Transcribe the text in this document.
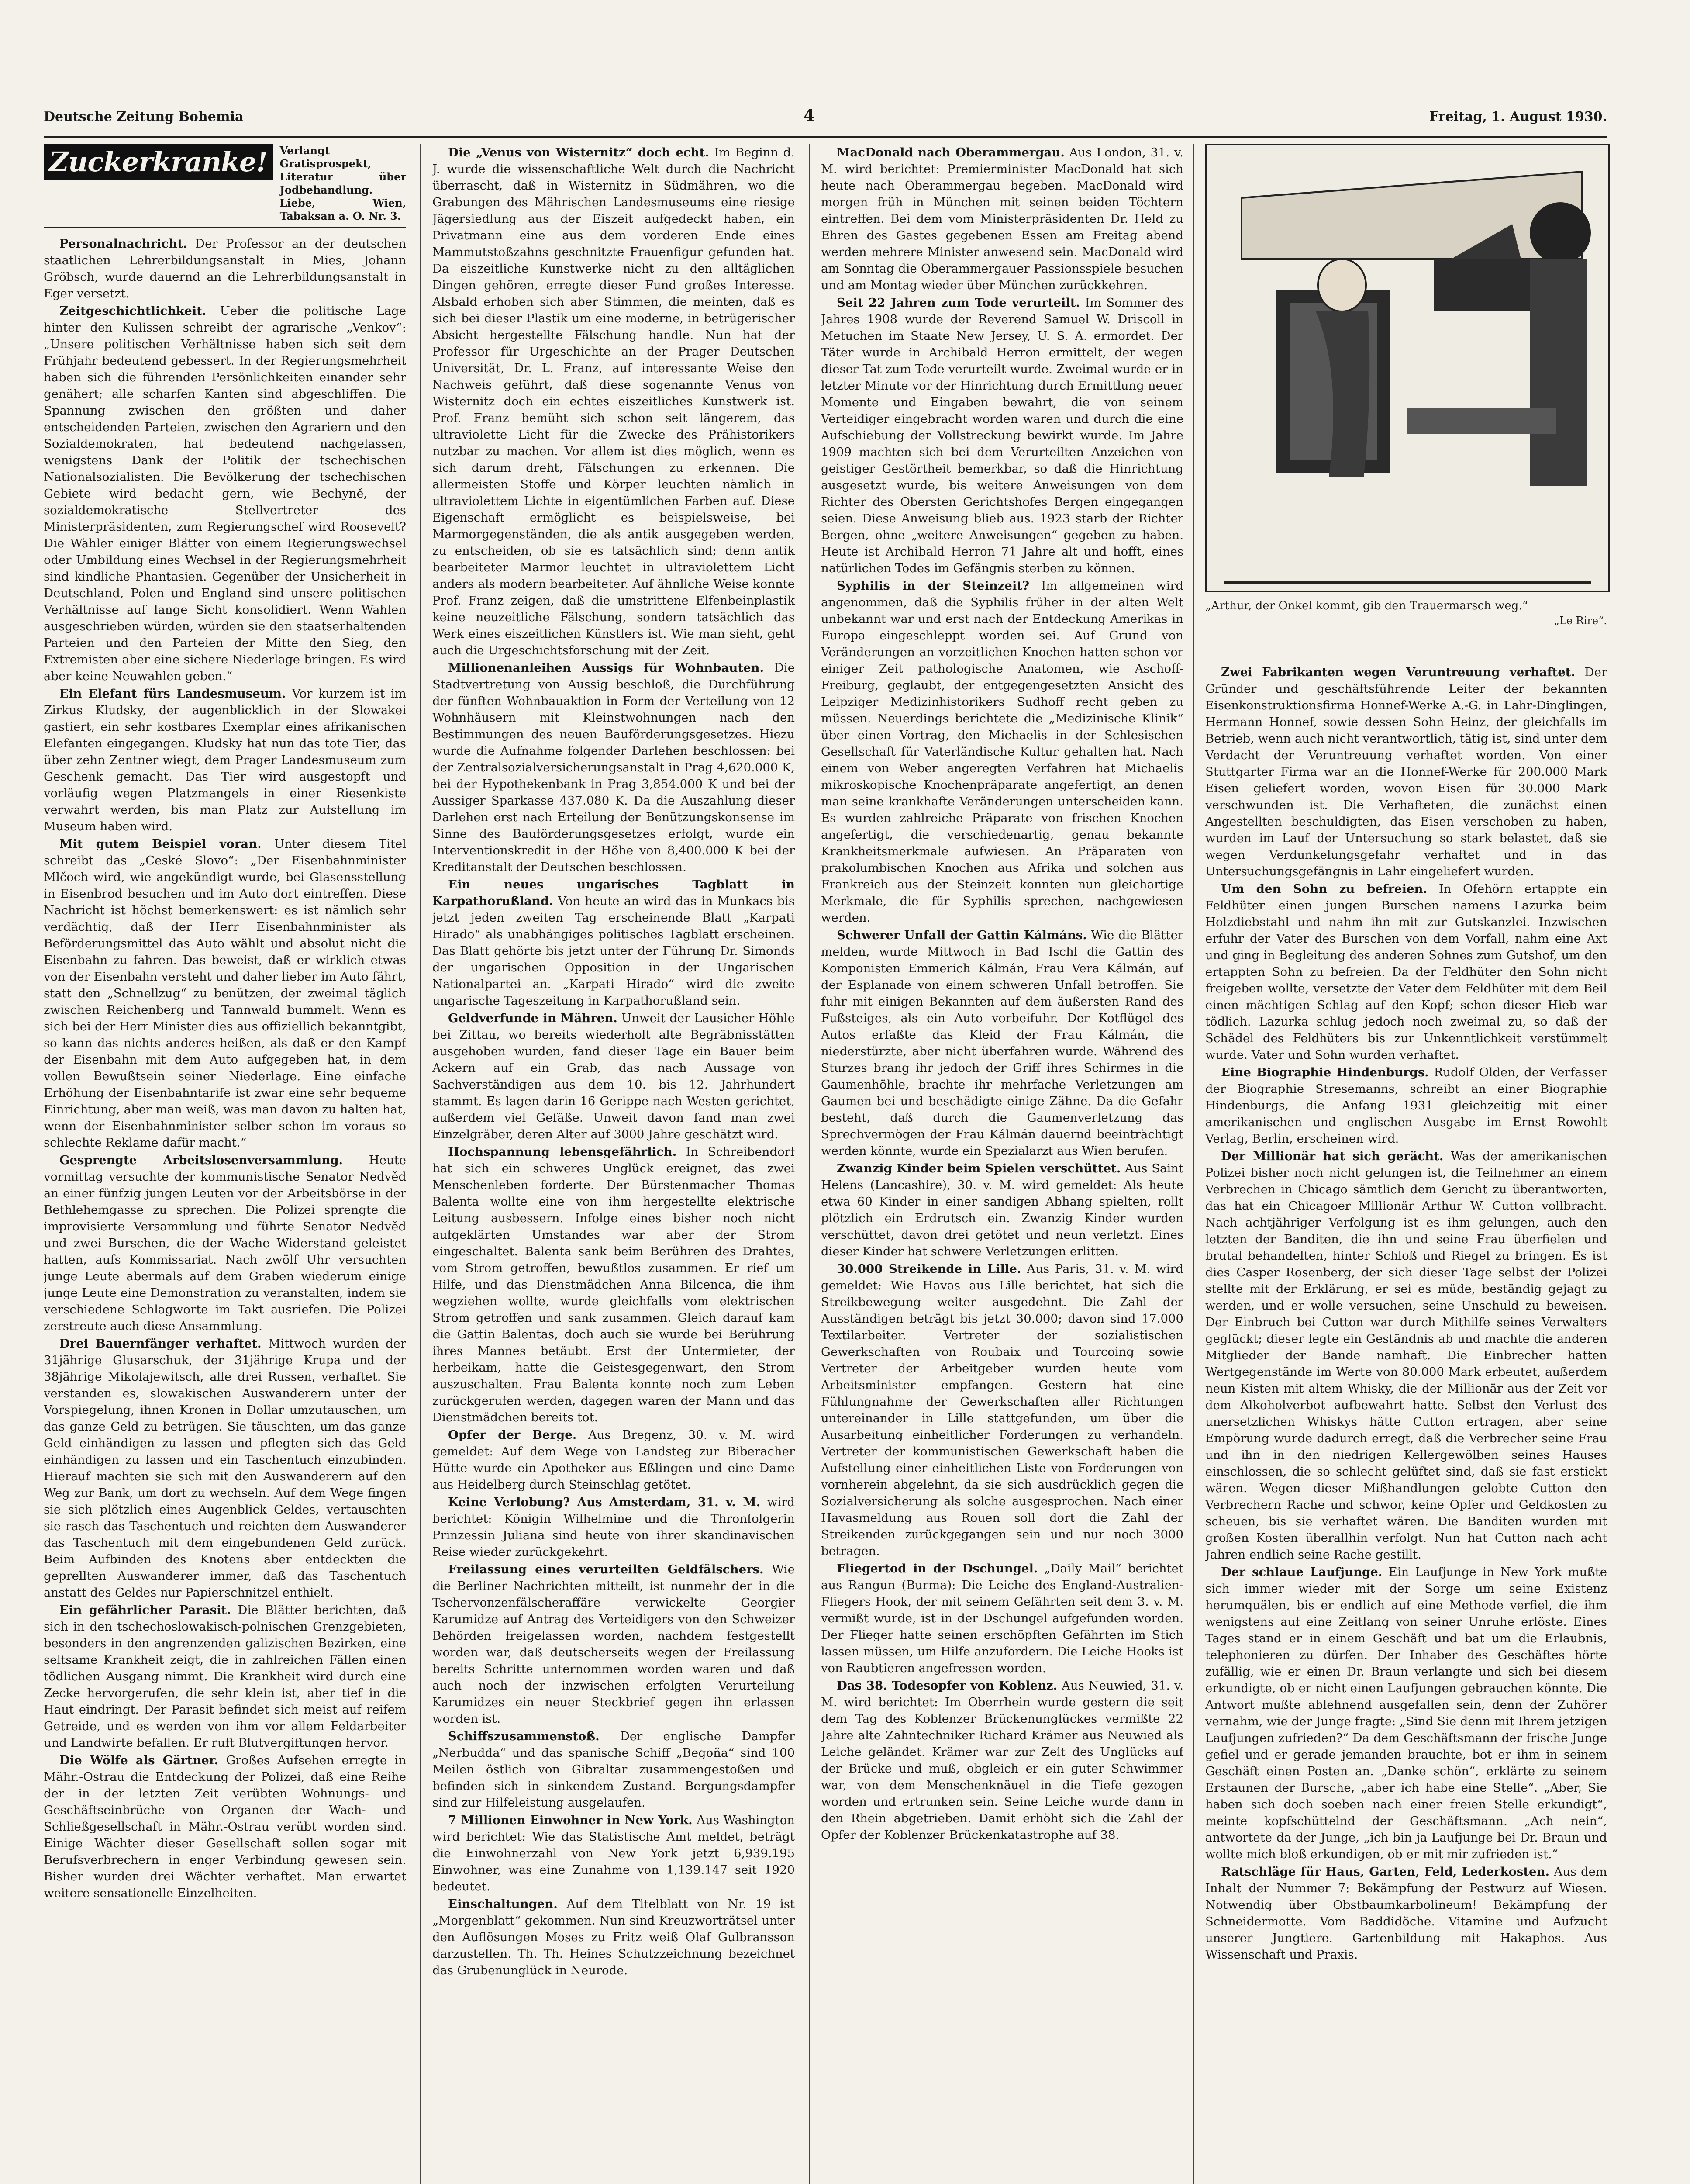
Deutsche Zeitung Bohemia	4	Freitag, 1. August 1930.
Zuckerkranke!	Verlangt Gratisprospekt, Literatur über Jodbehandlung. Liebe, Wien, Tabaksan a. O. Nr. 3.

Personalnachricht. Der Professor an der deutschen staatlichen Lehrerbildungsanstalt in Mies, Johann Gröbsch, wurde dauernd an die Lehrerbildungsanstalt in Eger versetzt.

Zeitgeschichtlichkeit. Ueber die politische Lage hinter den Kulissen schreibt der agrarische „Venkov“: „Unsere politischen Verhältnisse haben sich seit dem Frühjahr bedeutend gebessert. In der Regierungsmehrheit haben sich die führenden Persönlichkeiten einander sehr genähert; alle scharfen Kanten sind abgeschliffen. Die Spannung zwischen den größten und daher entscheidenden Parteien, zwischen den Agrariern und den Sozialdemokraten, hat bedeutend nachgelassen, wenigstens Dank der Politik der tschechischen Nationalsozialisten. Die Bevölkerung der tschechischen Gebiete wird bedacht gern, wie Bechyně, der sozialdemokratische Stellvertreter des Ministerpräsidenten, zum Regierungschef wird Roosevelt? Die Wähler einiger Blätter von einem Regierungswechsel oder Umbildung eines Wechsel in der Regierungsmehrheit sind kindliche Phantasien. Gegenüber der Unsicherheit in Deutschland, Polen und England sind unsere politischen Verhältnisse auf lange Sicht konsolidiert. Wenn Wahlen ausgeschrieben würden, würden sie den staatserhaltenden Parteien und den Parteien der Mitte den Sieg, den Extremisten aber eine sichere Niederlage bringen. Es wird aber keine Neuwahlen geben.“

Ein Elefant fürs Landesmuseum. Vor kurzem ist im Zirkus Kludsky, der augenblicklich in der Slowakei gastiert, ein sehr kostbares Exemplar eines afrikanischen Elefanten eingegangen. Kludsky hat nun das tote Tier, das über zehn Zentner wiegt, dem Prager Landesmuseum zum Geschenk gemacht. Das Tier wird ausgestopft und vorläufig wegen Platzmangels in einer Riesenkiste verwahrt werden, bis man Platz zur Aufstellung im Museum haben wird.

Mit gutem Beispiel voran. Unter diesem Titel schreibt das „Ceské Slovo“: „Der Eisenbahnminister Mlčoch wird, wie angekündigt wurde, bei Glasensstellung in Eisenbrod besuchen und im Auto dort eintreffen. Diese Nachricht ist höchst bemerkenswert: es ist nämlich sehr verdächtig, daß der Herr Eisenbahnminister als Beförderungsmittel das Auto wählt und absolut nicht die Eisenbahn zu fahren. Das beweist, daß er wirklich etwas von der Eisenbahn versteht und daher lieber im Auto fährt, statt den „Schnellzug“ zu benützen, der zweimal täglich zwischen Reichenberg und Tannwald bummelt. Wenn es sich bei der Herr Minister dies aus offiziellich bekanntgibt, so kann das nichts anderes heißen, als daß er den Kampf der Eisenbahn mit dem Auto aufgegeben hat, in dem vollen Bewußtsein seiner Niederlage. Eine einfache Erhöhung der Eisenbahntarife ist zwar eine sehr bequeme Einrichtung, aber man weiß, was man davon zu halten hat, wenn der Eisenbahnminister selber schon im voraus so schlechte Reklame dafür macht.“

Gesprengte Arbeitslosenversammlung. Heute vormittag versuchte der kommunistische Senator Nedvěd an einer fünfzig jungen Leuten vor der Arbeitsbörse in der Bethlehemgasse zu sprechen. Die Polizei sprengte die improvisierte Versammlung und führte Senator Nedvěd und zwei Burschen, die der Wache Widerstand geleistet hatten, aufs Kommissariat. Nach zwölf Uhr versuchten junge Leute abermals auf dem Graben wiederum einige junge Leute eine Demonstration zu veranstalten, indem sie verschiedene Schlagworte im Takt ausriefen. Die Polizei zerstreute auch diese Ansammlung.

Drei Bauernfänger verhaftet. Mittwoch wurden der 31jährige Glusarschuk, der 31jährige Krupa und der 38jährige Mikolajewitsch, alle drei Russen, verhaftet. Sie verstanden es, slowakischen Auswanderern unter der Vorspiegelung, ihnen Kronen in Dollar umzutauschen, um das ganze Geld zu betrügen. Sie täuschten, um das ganze Geld einhändigen zu lassen und pflegten sich das Geld einhändigen zu lassen und ein Taschentuch einzubinden. Hierauf machten sie sich mit den Auswanderern auf den Weg zur Bank, um dort zu wechseln. Auf dem Wege fingen sie sich plötzlich eines Augenblick Geldes, vertauschten sie rasch das Taschentuch und reichten dem Auswanderer das Taschentuch mit dem eingebundenen Geld zurück. Beim Aufbinden des Knotens aber entdeckten die geprellten Auswanderer immer, daß das Taschentuch anstatt des Geldes nur Papierschnitzel enthielt.

Ein gefährlicher Parasit. Die Blätter berichten, daß sich in den tschechoslowakisch-polnischen Grenzgebieten, besonders in den angrenzenden galizischen Bezirken, eine seltsame Krankheit zeigt, die in zahlreichen Fällen einen tödlichen Ausgang nimmt. Die Krankheit wird durch eine Zecke hervorgerufen, die sehr klein ist, aber tief in die Haut eindringt. Der Parasit befindet sich meist auf reifem Getreide, und es werden von ihm vor allem Feldarbeiter und Landwirte befallen. Er ruft Blutvergiftungen hervor.

Die Wölfe als Gärtner. Großes Aufsehen erregte in Mähr.-Ostrau die Entdeckung der Polizei, daß eine Reihe der in der letzten Zeit verübten Wohnungs- und Geschäftseinbrüche von Organen der Wach- und Schließgesellschaft in Mähr.-Ostrau verübt worden sind. Einige Wächter dieser Gesellschaft sollen sogar mit Berufsverbrechern in enger Verbindung gewesen sein. Bisher wurden drei Wächter verhaftet. Man erwartet weitere sensationelle Einzelheiten.

Die „Venus von Wisternitz“ doch echt. Im Beginn d. J. wurde die wissenschaftliche Welt durch die Nachricht überrascht, daß in Wisternitz in Südmähren, wo die Grabungen des Mährischen Landesmuseums eine riesige Jägersiedlung aus der Eiszeit aufgedeckt haben, ein Privatmann eine aus dem vorderen Ende eines Mammutstoßzahns geschnitzte Frauenfigur gefunden hat. Da eiszeitliche Kunstwerke nicht zu den alltäglichen Dingen gehören, erregte dieser Fund großes Interesse. Alsbald erhoben sich aber Stimmen, die meinten, daß es sich bei dieser Plastik um eine moderne, in betrügerischer Absicht hergestellte Fälschung handle. Nun hat der Professor für Urgeschichte an der Prager Deutschen Universität, Dr. L. Franz, auf interessante Weise den Nachweis geführt, daß diese sogenannte Venus von Wisternitz doch ein echtes eiszeitliches Kunstwerk ist. Prof. Franz bemüht sich schon seit längerem, das ultraviolette Licht für die Zwecke des Prähistorikers nutzbar zu machen. Vor allem ist dies möglich, wenn es sich darum dreht, Fälschungen zu erkennen. Die allermeisten Stoffe und Körper leuchten nämlich in ultraviolettem Lichte in eigentümlichen Farben auf. Diese Eigenschaft ermöglicht es beispielsweise, bei Marmorgegenständen, die als antik ausgegeben werden, zu entscheiden, ob sie es tatsächlich sind; denn antik bearbeiteter Marmor leuchtet in ultraviolettem Licht anders als modern bearbeiteter. Auf ähnliche Weise konnte Prof. Franz zeigen, daß die umstrittene Elfenbeinplastik keine neuzeitliche Fälschung, sondern tatsächlich das Werk eines eiszeitlichen Künstlers ist. Wie man sieht, geht auch die Urgeschichtsforschung mit der Zeit.

Millionenanleihen Aussigs für Wohnbauten. Die Stadtvertretung von Aussig beschloß, die Durchführung der fünften Wohnbauaktion in Form der Verteilung von 12 Wohnhäusern mit Kleinstwohnungen nach den Bestimmungen des neuen Bauförderungsgesetzes. Hiezu wurde die Aufnahme folgender Darlehen beschlossen: bei der Zentralsozialversicherungsanstalt in Prag 4,620.000 K, bei der Hypothekenbank in Prag 3,854.000 K und bei der Aussiger Sparkasse 437.080 K. Da die Auszahlung dieser Darlehen erst nach Erteilung der Benützungskonsense im Sinne des Bauförderungsgesetzes erfolgt, wurde ein Interventionskredit in der Höhe von 8,400.000 K bei der Kreditanstalt der Deutschen beschlossen.

Ein neues ungarisches Tagblatt in Karpathorußland. Von heute an wird das in Munkacs bis jetzt jeden zweiten Tag erscheinende Blatt „Karpati Hirado“ als unabhängiges politisches Tagblatt erscheinen. Das Blatt gehörte bis jetzt unter der Führung Dr. Simonds der ungarischen Opposition in der Ungarischen Nationalpartei an. „Karpati Hirado“ wird die zweite ungarische Tageszeitung in Karpathorußland sein.

Geldverfunde in Mähren. Unweit der Lausicher Höhle bei Zittau, wo bereits wiederholt alte Begräbnisstätten ausgehoben wurden, fand dieser Tage ein Bauer beim Ackern auf ein Grab, das nach Aussage von Sachverständigen aus dem 10. bis 12. Jahrhundert stammt. Es lagen darin 16 Gerippe nach Westen gerichtet, außerdem viel Gefäße. Unweit davon fand man zwei Einzelgräber, deren Alter auf 3000 Jahre geschätzt wird.

Hochspannung lebensgefährlich. In Schreibendorf hat sich ein schweres Unglück ereignet, das zwei Menschenleben forderte. Der Bürstenmacher Thomas Balenta wollte eine von ihm hergestellte elektrische Leitung ausbessern. Infolge eines bisher noch nicht aufgeklärten Umstandes war aber der Strom eingeschaltet. Balenta sank beim Berühren des Drahtes, vom Strom getroffen, bewußtlos zusammen. Er rief um Hilfe, und das Dienstmädchen Anna Bilcenca, die ihm wegziehen wollte, wurde gleichfalls vom elektrischen Strom getroffen und sank zusammen. Gleich darauf kam die Gattin Balentas, doch auch sie wurde bei Berührung ihres Mannes betäubt. Erst der Untermieter, der herbeikam, hatte die Geistesgegenwart, den Strom auszuschalten. Frau Balenta konnte noch zum Leben zurückgerufen werden, dagegen waren der Mann und das Dienstmädchen bereits tot.

Opfer der Berge. Aus Bregenz, 30. v. M. wird gemeldet: Auf dem Wege von Landsteg zur Biberacher Hütte wurde ein Apotheker aus Eßlingen und eine Dame aus Heidelberg durch Steinschlag getötet.

Keine Verlobung? Aus Amsterdam, 31. v. M. wird berichtet: Königin Wilhelmine und die Thronfolgerin Prinzessin Juliana sind heute von ihrer skandinavischen Reise wieder zurückgekehrt.

Freilassung eines verurteilten Geldfälschers. Wie die Berliner Nachrichten mitteilt, ist nunmehr der in die Tschervonzenfälscheraffäre verwickelte Georgier Karumidze auf Antrag des Verteidigers von den Schweizer Behörden freigelassen worden, nachdem festgestellt worden war, daß deutscherseits wegen der Freilassung bereits Schritte unternommen worden waren und daß auch noch der inzwischen erfolgten Verurteilung Karumidzes ein neuer Steckbrief gegen ihn erlassen worden ist.

Schiffszusammenstoß. Der englische Dampfer „Nerbudda“ und das spanische Schiff „Begoña“ sind 100 Meilen östlich von Gibraltar zusammengestoßen und befinden sich in sinkendem Zustand. Bergungsdampfer sind zur Hilfeleistung ausgelaufen.

7 Millionen Einwohner in New York. Aus Washington wird berichtet: Wie das Statistische Amt meldet, beträgt die Einwohnerzahl von New York jetzt 6,939.195 Einwohner, was eine Zunahme von 1,139.147 seit 1920 bedeutet.

Einschaltungen. Auf dem Titelblatt von Nr. 19 ist „Morgenblatt“ gekommen. Nun sind Kreuzworträtsel unter den Auflösungen Moses zu Fritz weiß Olaf Gulbransson darzustellen. Th. Th. Heines Schutzzeichnung bezeichnet das Grubenunglück in Neurode.

MacDonald nach Oberammergau. Aus London, 31. v. M. wird berichtet: Premierminister MacDonald hat sich heute nach Oberammergau begeben. MacDonald wird morgen früh in München mit seinen beiden Töchtern eintreffen. Bei dem vom Ministerpräsidenten Dr. Held zu Ehren des Gastes gegebenen Essen am Freitag abend werden mehrere Minister anwesend sein. MacDonald wird am Sonntag die Oberammergauer Passionsspiele besuchen und am Montag wieder über München zurückkehren.

Seit 22 Jahren zum Tode verurteilt. Im Sommer des Jahres 1908 wurde der Reverend Samuel W. Driscoll in Metuchen im Staate New Jersey, U. S. A. ermordet. Der Täter wurde in Archibald Herron ermittelt, der wegen dieser Tat zum Tode verurteilt wurde. Zweimal wurde er in letzter Minute vor der Hinrichtung durch Ermittlung neuer Momente und Eingaben bewahrt, die von seinem Verteidiger eingebracht worden waren und durch die eine Aufschiebung der Vollstreckung bewirkt wurde. Im Jahre 1909 machten sich bei dem Verurteilten Anzeichen von geistiger Gestörtheit bemerkbar, so daß die Hinrichtung ausgesetzt wurde, bis weitere Anweisungen von dem Richter des Obersten Gerichtshofes Bergen eingegangen seien. Diese Anweisung blieb aus. 1923 starb der Richter Bergen, ohne „weitere Anweisungen“ gegeben zu haben. Heute ist Archibald Herron 71 Jahre alt und hofft, eines natürlichen Todes im Gefängnis sterben zu können.

Syphilis in der Steinzeit? Im allgemeinen wird angenommen, daß die Syphilis früher in der alten Welt unbekannt war und erst nach der Entdeckung Amerikas in Europa eingeschleppt worden sei. Auf Grund von Veränderungen an vorzeitlichen Knochen hatten schon vor einiger Zeit pathologische Anatomen, wie Aschoff-Freiburg, geglaubt, der entgegengesetzten Ansicht des Leipziger Medizinhistorikers Sudhoff recht geben zu müssen. Neuerdings berichtete die „Medizinische Klinik“ über einen Vortrag, den Michaelis in der Schlesischen Gesellschaft für Vaterländische Kultur gehalten hat. Nach einem von Weber angeregten Verfahren hat Michaelis mikroskopische Knochenpräparate angefertigt, an denen man seine krankhafte Veränderungen unterscheiden kann. Es wurden zahlreiche Präparate von frischen Knochen angefertigt, die verschiedenartig, genau bekannte Krankheitsmerkmale aufwiesen. An Präparaten von prakolumbischen Knochen aus Afrika und solchen aus Frankreich aus der Steinzeit konnten nun gleichartige Merkmale, die für Syphilis sprechen, nachgewiesen werden.

Schwerer Unfall der Gattin Kálmáns. Wie die Blätter melden, wurde Mittwoch in Bad Ischl die Gattin des Komponisten Emmerich Kálmán, Frau Vera Kálmán, auf der Esplanade von einem schweren Unfall betroffen. Sie fuhr mit einigen Bekannten auf dem äußersten Rand des Fußsteiges, als ein Auto vorbeifuhr. Der Kotflügel des Autos erfaßte das Kleid der Frau Kálmán, die niederstürzte, aber nicht überfahren wurde. Während des Sturzes brang ihr jedoch der Griff ihres Schirmes in die Gaumenhöhle, brachte ihr mehrfache Verletzungen am Gaumen bei und beschädigte einige Zähne. Da die Gefahr besteht, daß durch die Gaumenverletzung das Sprechvermögen der Frau Kálmán dauernd beeinträchtigt werden könnte, wurde ein Spezialarzt aus Wien berufen.

Zwanzig Kinder beim Spielen verschüttet. Aus Saint Helens (Lancashire), 30. v. M. wird gemeldet: Als heute etwa 60 Kinder in einer sandigen Abhang spielten, rollt plötzlich ein Erdrutsch ein. Zwanzig Kinder wurden verschüttet, davon drei getötet und neun verletzt. Eines dieser Kinder hat schwere Verletzungen erlitten.

30.000 Streikende in Lille. Aus Paris, 31. v. M. wird gemeldet: Wie Havas aus Lille berichtet, hat sich die Streikbewegung weiter ausgedehnt. Die Zahl der Ausständigen beträgt bis jetzt 30.000; davon sind 17.000 Textilarbeiter. Vertreter der sozialistischen Gewerkschaften von Roubaix und Tourcoing sowie Vertreter der Arbeitgeber wurden heute vom Arbeitsminister empfangen. Gestern hat eine Fühlungnahme der Gewerkschaften aller Richtungen untereinander in Lille stattgefunden, um über die Ausarbeitung einheitlicher Forderungen zu verhandeln. Vertreter der kommunistischen Gewerkschaft haben die Aufstellung einer einheitlichen Liste von Forderungen von vornherein abgelehnt, da sie sich ausdrücklich gegen die Sozialversicherung als solche ausgesprochen. Nach einer Havasmeldung aus Rouen soll dort die Zahl der Streikenden zurückgegangen sein und nur noch 3000 betragen.

Fliegertod in der Dschungel. „Daily Mail“ berichtet aus Rangun (Burma): Die Leiche des England-Australien-Fliegers Hook, der mit seinem Gefährten seit dem 3. v. M. vermißt wurde, ist in der Dschungel aufgefunden worden. Der Flieger hatte seinen erschöpften Gefährten im Stich lassen müssen, um Hilfe anzufordern. Die Leiche Hooks ist von Raubtieren angefressen worden.

Das 38. Todesopfer von Koblenz. Aus Neuwied, 31. v. M. wird berichtet: Im Oberrhein wurde gestern die seit dem Tag des Koblenzer Brückenunglückes vermißte 22 Jahre alte Zahntechniker Richard Krämer aus Neuwied als Leiche geländet. Krämer war zur Zeit des Unglücks auf der Brücke und muß, obgleich er ein guter Schwimmer war, von dem Menschenknäuel in die Tiefe gezogen worden und ertrunken sein. Seine Leiche wurde dann in den Rhein abgetrieben. Damit erhöht sich die Zahl der Opfer der Koblenzer Brückenkatastrophe auf 38.

„Arthur, der Onkel kommt, gib den Trauermarsch weg.“
„Le Rire“.

Zwei Fabrikanten wegen Veruntreuung verhaftet. Der Gründer und geschäftsführende Leiter der bekannten Eisenkonstruktionsfirma Honnef-Werke A.-G. in Lahr-Dinglingen, Hermann Honnef, sowie dessen Sohn Heinz, der gleichfalls im Betrieb, wenn auch nicht verantwortlich, tätig ist, sind unter dem Verdacht der Veruntreuung verhaftet worden. Von einer Stuttgarter Firma war an die Honnef-Werke für 200.000 Mark Eisen geliefert worden, wovon Eisen für 30.000 Mark verschwunden ist. Die Verhafteten, die zunächst einen Angestellten beschuldigten, das Eisen verschoben zu haben, wurden im Lauf der Untersuchung so stark belastet, daß sie wegen Verdunkelungsgefahr verhaftet und in das Untersuchungsgefängnis in Lahr eingeliefert wurden.

Um den Sohn zu befreien. In Ofehörn ertappte ein Feldhüter einen jungen Burschen namens Lazurka beim Holzdiebstahl und nahm ihn mit zur Gutskanzlei. Inzwischen erfuhr der Vater des Burschen von dem Vorfall, nahm eine Axt und ging in Begleitung des anderen Sohnes zum Gutshof, um den ertappten Sohn zu befreien. Da der Feldhüter den Sohn nicht freigeben wollte, versetzte der Vater dem Feldhüter mit dem Beil einen mächtigen Schlag auf den Kopf; schon dieser Hieb war tödlich. Lazurka schlug jedoch noch zweimal zu, so daß der Schädel des Feldhüters bis zur Unkenntlichkeit verstümmelt wurde. Vater und Sohn wurden verhaftet.

Eine Biographie Hindenburgs. Rudolf Olden, der Verfasser der Biographie Stresemanns, schreibt an einer Biographie Hindenburgs, die Anfang 1931 gleichzeitig mit einer amerikanischen und englischen Ausgabe im Ernst Rowohlt Verlag, Berlin, erscheinen wird.

Der Millionär hat sich gerächt. Was der amerikanischen Polizei bisher noch nicht gelungen ist, die Teilnehmer an einem Verbrechen in Chicago sämtlich dem Gericht zu überantworten, das hat ein Chicagoer Millionär Arthur W. Cutton vollbracht. Nach achtjähriger Verfolgung ist es ihm gelungen, auch den letzten der Banditen, die ihn und seine Frau überfielen und brutal behandelten, hinter Schloß und Riegel zu bringen. Es ist dies Casper Rosenberg, der sich dieser Tage selbst der Polizei stellte mit der Erklärung, er sei es müde, beständig gejagt zu werden, und er wolle versuchen, seine Unschuld zu beweisen. Der Einbruch bei Cutton war durch Mithilfe seines Verwalters geglückt; dieser legte ein Geständnis ab und machte die anderen Mitglieder der Bande namhaft. Die Einbrecher hatten Wertgegenstände im Werte von 80.000 Mark erbeutet, außerdem neun Kisten mit altem Whisky, die der Millionär aus der Zeit vor dem Alkoholverbot aufbewahrt hatte. Selbst den Verlust des unersetzlichen Whiskys hätte Cutton ertragen, aber seine Empörung wurde dadurch erregt, daß die Verbrecher seine Frau und ihn in den niedrigen Kellergewölben seines Hauses einschlossen, die so schlecht gelüftet sind, daß sie fast erstickt wären. Wegen dieser Mißhandlungen gelobte Cutton den Verbrechern Rache und schwor, keine Opfer und Geldkosten zu scheuen, bis sie verhaftet wären. Die Banditen wurden mit großen Kosten überallhin verfolgt. Nun hat Cutton nach acht Jahren endlich seine Rache gestillt.

Der schlaue Laufjunge. Ein Laufjunge in New York mußte sich immer wieder mit der Sorge um seine Existenz herumquälen, bis er endlich auf eine Methode verfiel, die ihm wenigstens auf eine Zeitlang von seiner Unruhe erlöste. Eines Tages stand er in einem Geschäft und bat um die Erlaubnis, telephonieren zu dürfen. Der Inhaber des Geschäftes hörte zufällig, wie er einen Dr. Braun verlangte und sich bei diesem erkundigte, ob er nicht einen Laufjungen gebrauchen könnte. Die Antwort mußte ablehnend ausgefallen sein, denn der Zuhörer vernahm, wie der Junge fragte: „Sind Sie denn mit Ihrem jetzigen Laufjungen zufrieden?“ Da dem Geschäftsmann der frische Junge gefiel und er gerade jemanden brauchte, bot er ihm in seinem Geschäft einen Posten an. „Danke schön“, erklärte zu seinem Erstaunen der Bursche, „aber ich habe eine Stelle“. „Aber, Sie haben sich doch soeben nach einer freien Stelle erkundigt“, meinte kopfschüttelnd der Geschäftsmann. „Ach nein“, antwortete da der Junge, „ich bin ja Laufjunge bei Dr. Braun und wollte mich bloß erkundigen, ob er mit mir zufrieden ist.“

Ratschläge für Haus, Garten, Feld, Lederkosten. Aus dem Inhalt der Nummer 7: Bekämpfung der Pestwurz auf Wiesen. Notwendig über Obstbaumkarbolineum! Bekämpfung der Schneidermotte. Vom Baddidöche. Vitamine und Aufzucht unserer Jungtiere. Gartenbildung mit Hakaphos. Aus Wissenschaft und Praxis.
